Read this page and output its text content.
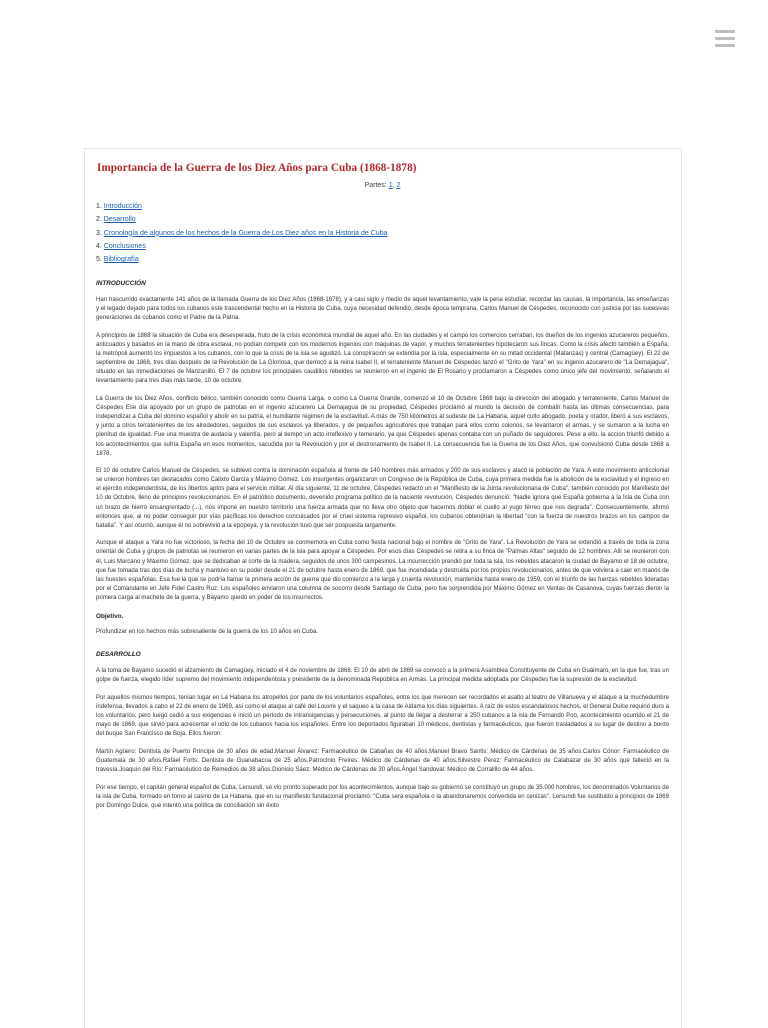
Importancia de la Guerra de los Diez Años para Cuba (1868-1878)
Partes: 1, 2
1. Introducción
2. Desarrollo
3. Cronología de algunos de los hechos de la Guerra de Los Diez años en la Historia de Cuba
4. Conclusiones
5. Bibliografía
INTRODUCCIÓN

Han trascurrido exactamente 141 años de la llamada Guerra de los Diez Años (1868-1878), y a casi siglo y medio de aquel levantamiento, vale la pena estudiar, recordar las causas, la importancia, las enseñanzas y el legado dejado para todos los cubanos este trascendental hecho en la Historia de Cuba, cuya necesidad defendió, desde época temprana, Carlos Manuel de Céspedes, reconocido con justicia por las sucesivas generaciones de cubanos como el Padre de la Patria.

A principios de 1868 la situación de Cuba era desesperada, fruto de la crisis económica mundial de aquel año. En las ciudades y el campo los comercios cerraban, los dueños de los ingenios azucareros pequeños, anticuados y basados en la mano de obra esclava, no podían competir con los modernos ingenios con máquinas de vapor, y muchos terratenientes hipotecaron sus fincas. Como la crisis afectó también a España, la metrópoli aumentó los impuestos a los cubanos, con lo que la crisis de la isla se agudizó. La conspiración se extendía por la isla, especialmente en su mitad occidental (Matanzas) y central (Camagüey). El 22 de septiembre de 1868, tres días después de la Revolución de La Gloriosa, que derrocó a la reina Isabel II, el terrateniente Manuel de Céspedes lanzó el "Grito de Yara" en su ingenio azucarero de "La Demajagua", situado en las inmediaciones de Manzanillo. El 7 de octubre los principales caudillos rebeldes se reunieron en el ingenio de El Rosario y proclamaron a Céspedes como único jefe del movimiento, señalando el levantamiento para tres días más tarde, 10 de octubre.

La Guerra de los Diez Años, conflicto bélico, también conocido como Guerra Larga, o como La Guerra Grande, comenzó el 10 de Octubre 1868 bajo la dirección del abogado y terrateniente, Carlos Manuel de Céspedes Ese día apoyado por un grupo de patriotas en el ingenio azucarero La Demajagua de su propiedad, Céspedes proclamó al mundo la decisión de combatir hasta las últimas consecuencias, para independizar a Cuba del dominio español y abolir en su patria, el humillante régimen de la esclavitud. A más de 750 kilómetros al sudeste de La Habana, aquel culto abogado, poeta y orador, liberó a sus esclavos, y junto a otros terratenientes de los alrededores, seguidos de sus esclavos ya liberados, y de pequeños agricultores que trabajan para ellos como colonos, se levantaron el armas, y se sumaron a la lucha en plenitud de igualdad. Fue una muestra de audacia y valentía, pero al tiempo un acto irreflexivo y temerario, ya que Céspedes apenas contaba con un puñado de seguidores. Pese a ello, la acción triunfó debido a los acontecimientos que sufría España en esos momentos, sacudida por la Revolución y por el destronamiento de Isabel II. La consecuencia fue la Guerra de los Diez Años, que convulsionó Cuba desde 1868 a 1878.

El 10 de octubre Carlos Manuel de Céspedes, se sublevó contra la dominación española al frente de 140 hombres más armados y 200 de sus esclavos y atacó la población de Yara. A este movimiento anticolonial se unieron hombres tan destacados como Calixto García y Máximo Gómez. Los insurgentes organizaron un Congreso de la República de Cuba, cuya primera medida fue la abolición de la esclavitud y el ingreso en el ejército independentista, de los libertos aptos para el servicio militar. Al día siguiente, 11 de octubre, Céspedes redactó un el "Manifiesto de la Junta revolucionaria de Cuba", también conocido por Manifiesto del 10 de Octubre, lleno de principios revolucionarios. En el patriótico documento, devenido programa político de la naciente revolución, Céspedes denunció: "Nadie ignora que España gobierna a la Isla de Cuba con un brazo de hierro ensangrentado (...), nos impone en nuestro territorio una fuerza armada que no lleva otro objeto que hacernos doblar el cuello al yugo férreo que nos degrada". Consecuentemente, afirmó entonces que, al no poder conseguir por vías pacíficas los derechos conculcados por el cruel sistema represivo español, los cubanos obtendrían la libertad "con la fuerza de nuestros brazos en los campos de batalla". Y así ocurrió, aunque él no sobrevivió a la epopeya, y la revolución tuvo que ser pospuesta largamente.

Aunque el ataque a Yara no fue victorioso, la fecha del 10 de Octubre se conmemora en Cuba como fiesta nacional bajo el nombre de "Grito de Yara". La Revolución de Yara se extendió a través de toda la zona oriental de Cuba y grupos de patriotas se reunieron en varias partes de la isla para apoyar a Céspedes. Por esos días Céspedes se retira a su finca de "Palmas Altas" seguido de 12 hombres. Allí se reunieron con él, Luis Marcano y Máximo Gómez, que se dedicaban al corte de la madera, seguidos de unos 300 campesinos. La insurrección prendió por toda la isla, los rebeldes atacaron la ciudad de Bayamo el 18 de octubre, que fue tomada tras dos días de lucha y mantuvo en su poder desde el 21 de octubre hasta enero de 1869, que fue incendiada y destruida por los propios revolucionarios, antes de que volviera a caer en manos de las huestes españolas. Esa fue la que se podría llamar la primera acción de guerra que dio comienzo a la larga y cruenta revolución, mantenida hasta enero de 1959, con el triunfo de las fuerzas rebeldes lideradas por el Comandante en Jefe Fidel Castro Ruz. Los españoles enviaron una columna de socorro desde Santiago de Cuba, pero fue sorprendida por Máximo Gómez en Ventas de Casanova, cuyas fuerzas dieron la primera carga al machete de la guerra, y Bayamo quedó en poder de los insurrectos.

Objetivo.

Profundizar en los hechos más sobresaliente de la guerra de los 10 años en Cuba.

DESARROLLO

A la toma de Bayamo sucedió el alzamiento de Camagüey, iniciado el 4 de noviembre de 1868. El 10 de abril de 1869 se convocó a la primera Asamblea Constituyente de Cuba en Guáimaro, en la que fue, tras un golpe de fuerza, elegido líder supremo del movimiento independentista y presidente de la denominada República en Armas. La principal medida adoptada por Céspedes fue la supresión de la esclavitud.

Por aquellos mismos tiempos, tenían lugar en La Habana los atropellos por parte de los voluntarios españoles, entre los que merecen ser recordados el asalto al teatro de Villanueva y el ataque a la muchedumbre indefensa, llevados a cabo el 22 de enero de 1969, así como el ataque al café del Louvre y el saqueo a la casa de Aldama los días siguientes. A raíz de estos escandalosos hechos, el General Dulce requirió duro a los voluntarios; pero luego cedió a sus exigencias e inició un período de intransigencias y persecuciones, al punto de llegar a desterrar a 250 cubanos a la isla de Fernando Poo, acontecimiento ocurrido el 21 de mayo de 1869, que sirvió para acrecentar el odio de los cubanos hacia los españoles. Entre los deportados figuraban 10 médicos, dentistas y farmacéuticos, que fueron trasladados a su lugar de destino a bordo del buque San Francisco de Boja. Ellos fueron:

Martín Agüero: Dentista de Puerto Príncipe de 30 años de edad.Manuel Álvarez: Farmacéutico de Cabañas de 40 años.Manuel Bravo Santis: Médico de Cárdenas de 35 años.Carlos Cónor: Farmacéutico de Guatemala de 30 años.Rafael Forts: Dentista de Guanabacoa de 25 años.Patrocinio Freires: Médico de Cárdenas de 40 años.Silvestre Pérez: Farmacéutico de Calabazar de 30 años que falleció en la travesía.Joaquín del Río: Farmacéutico de Remedios de 38 años.Dionisio Sáez: Médico de Cárdenas de 30 años.Ángel Sandoval: Médico de Corralillo de 44 años.

Por ese tiempo, el capitán general español de Cuba, Lersundi, se vio pronto superado por los acontecimientos, aunque bajo su gobierno se constituyó un grupo de 35.000 hombres, los denominados Voluntarios de la isla de Cuba, formado en torno al casino de La Habana, que en su manifiesto fundacional proclamó: "Cuba será española o la abandonaremos convertida en cenizas". Lersundi fue sustituido a principios de 1869 por Domingo Dulce, que intentó una política de conciliación sin éxito
